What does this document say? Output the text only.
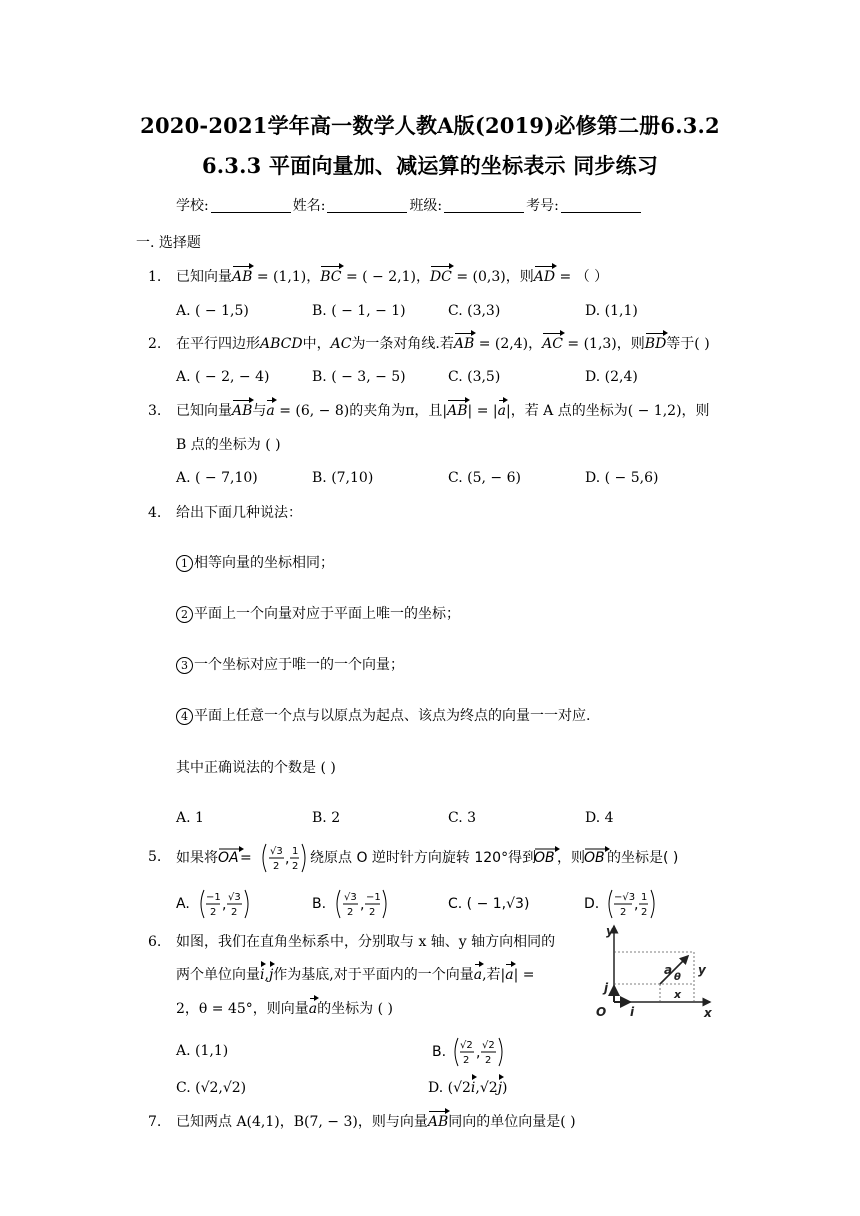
2020-2021学年高一数学人教A版(2019)必修第二册6.3.2
6.3.3 平面向量加、减运算的坐标表示 同步练习
学校:	姓名:	班级:	考号:
一. 选择题
1. 已知向量AB = (1,1)，BC = ( − 2,1)，DC = (0,3)，则AD = （ ）
A. ( − 1,5)	B. ( − 1, − 1)	C. (3,3)	D. (1,1)
2. 在平行四边形ABCD中，AC为一条对角线.若AB = (2,4)，AC = (1,3)，则BD等于( )
A. ( − 2, − 4)	B. ( − 3, − 5)	C. (3,5)	D. (2,4)
3. 已知向量AB与a = (6, − 8)的夹角为π，且|AB| = |a|，若 A 点的坐标为( − 1,2)，则
B 点的坐标为 ( )
A. ( − 7,10)	B. (7,10)	C. (5, − 6)	D. ( − 5,6)
4. 给出下面几种说法：
1 相等向量的坐标相同；
2 平面上一个向量对应于平面上唯一的坐标；
3 一个坐标对应于唯一的一个向量；
4 平面上任意一个点与以原点为起点、该点为终点的向量一一对应.
其中正确说法的个数是 ( )
A. 1	B. 2	C. 3	D. 4
5. 如果将 OA = √3
2 , 1
2
绕原点 O 逆时针方向旋转 120°得到
OB ，则 OB 的坐标是( )
A. −1
2 , √3
2
B. √3
2 , −1
2
C. ( − 1,√3)	D. −√3
2 , 1
2
6. 如图，我们在直角坐标系中，分别取与 x 轴、y 轴方向相同的
两个单位向量i,j作为基底,对于平面内的一个向量a,若|a| =
2，θ = 45°，则向量a的坐标为 ( )
A. (1,1)	B. √2
2 , √2
2
C. (√2,√2)	D. (√2i,√2j)
y
a
θ
y
j	x
O i	x
7. 已知两点 A(4,1)，B(7, − 3)，则与向量AB同向的单位向量是( )
